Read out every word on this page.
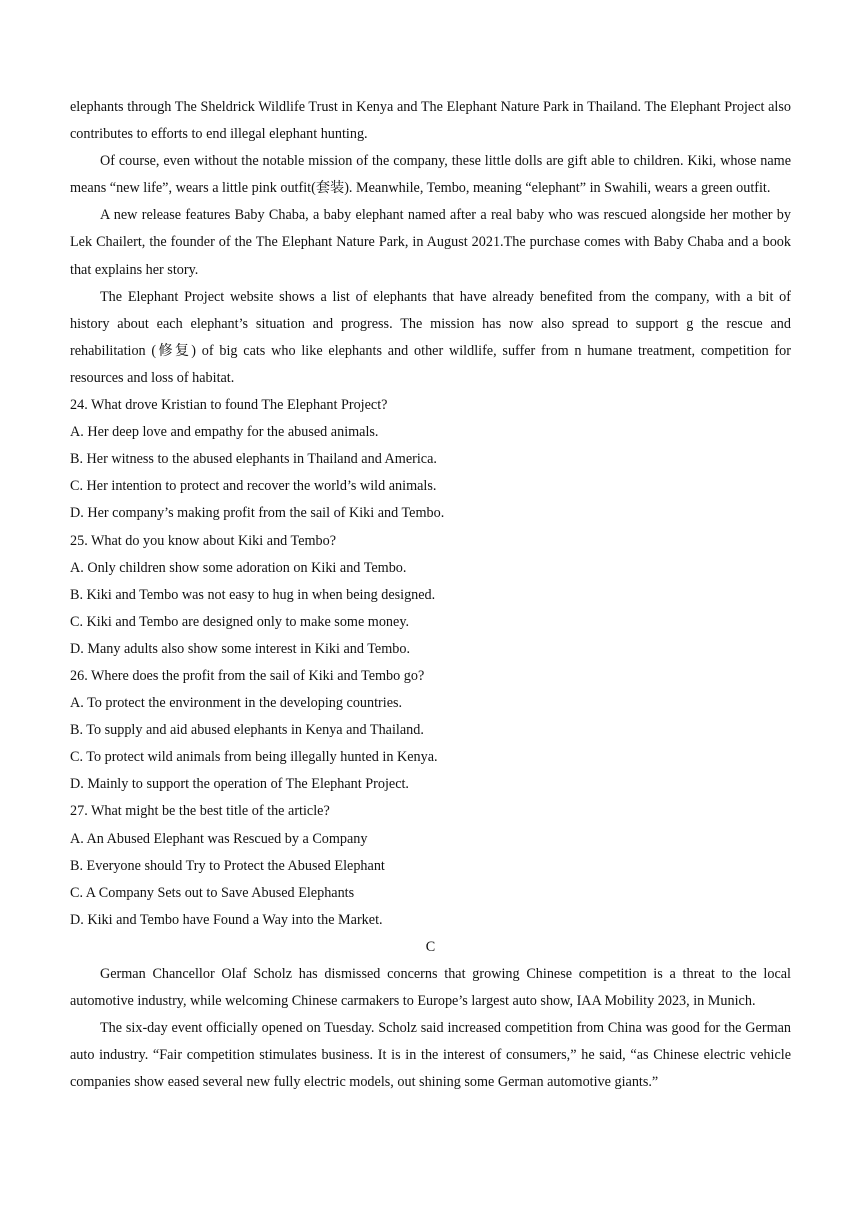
elephants through The Sheldrick Wildlife Trust in Kenya and The Elephant Nature Park in Thailand. The Elephant Project also contributes to efforts to end illegal elephant hunting.

Of course, even without the notable mission of the company, these little dolls are gift able to children. Kiki, whose name means “new life”, wears a little pink outfit(套装). Meanwhile, Tembo, meaning “elephant” in Swahili, wears a green outfit.

A new release features Baby Chaba, a baby elephant named after a real baby who was rescued alongside her mother by Lek Chailert, the founder of the The Elephant Nature Park, in August 2021.The purchase comes with Baby Chaba and a book that explains her story.

The Elephant Project website shows a list of elephants that have already benefited from the company, with a bit of history about each elephant’s situation and progress. The mission has now also spread to support g the rescue and rehabilitation (修复) of big cats who like elephants and other wildlife, suffer from n humane treatment, competition for resources and loss of habitat.

24. What drove Kristian to found The Elephant Project?

A. Her deep love and empathy for the abused animals.

B. Her witness to the abused elephants in Thailand and America.

C. Her intention to protect and recover the world’s wild animals.

D. Her company’s making profit from the sail of Kiki and Tembo.

25. What do you know about Kiki and Tembo?

A. Only children show some adoration on Kiki and Tembo.

B. Kiki and Tembo was not easy to hug in when being designed.

C. Kiki and Tembo are designed only to make some money.

D. Many adults also show some interest in Kiki and Tembo.

26. Where does the profit from the sail of Kiki and Tembo go?

A. To protect the environment in the developing countries.

B. To supply and aid abused elephants in Kenya and Thailand.

C. To protect wild animals from being illegally hunted in Kenya.

D. Mainly to support the operation of The Elephant Project.

27. What might be the best title of the article?

A. An Abused Elephant was Rescued by a Company

B. Everyone should Try to Protect the Abused Elephant

C. A Company Sets out to Save Abused Elephants

D. Kiki and Tembo have Found a Way into the Market.

C

German Chancellor Olaf Scholz has dismissed concerns that growing Chinese competition is a threat to the local automotive industry, while welcoming Chinese carmakers to Europe’s largest auto show, IAA Mobility 2023, in Munich.

The six-day event officially opened on Tuesday. Scholz said increased competition from China was good for the German auto industry. “Fair competition stimulates business. It is in the interest of consumers,” he said, “as Chinese electric vehicle companies show eased several new fully electric models, out shining some German automotive giants.”
